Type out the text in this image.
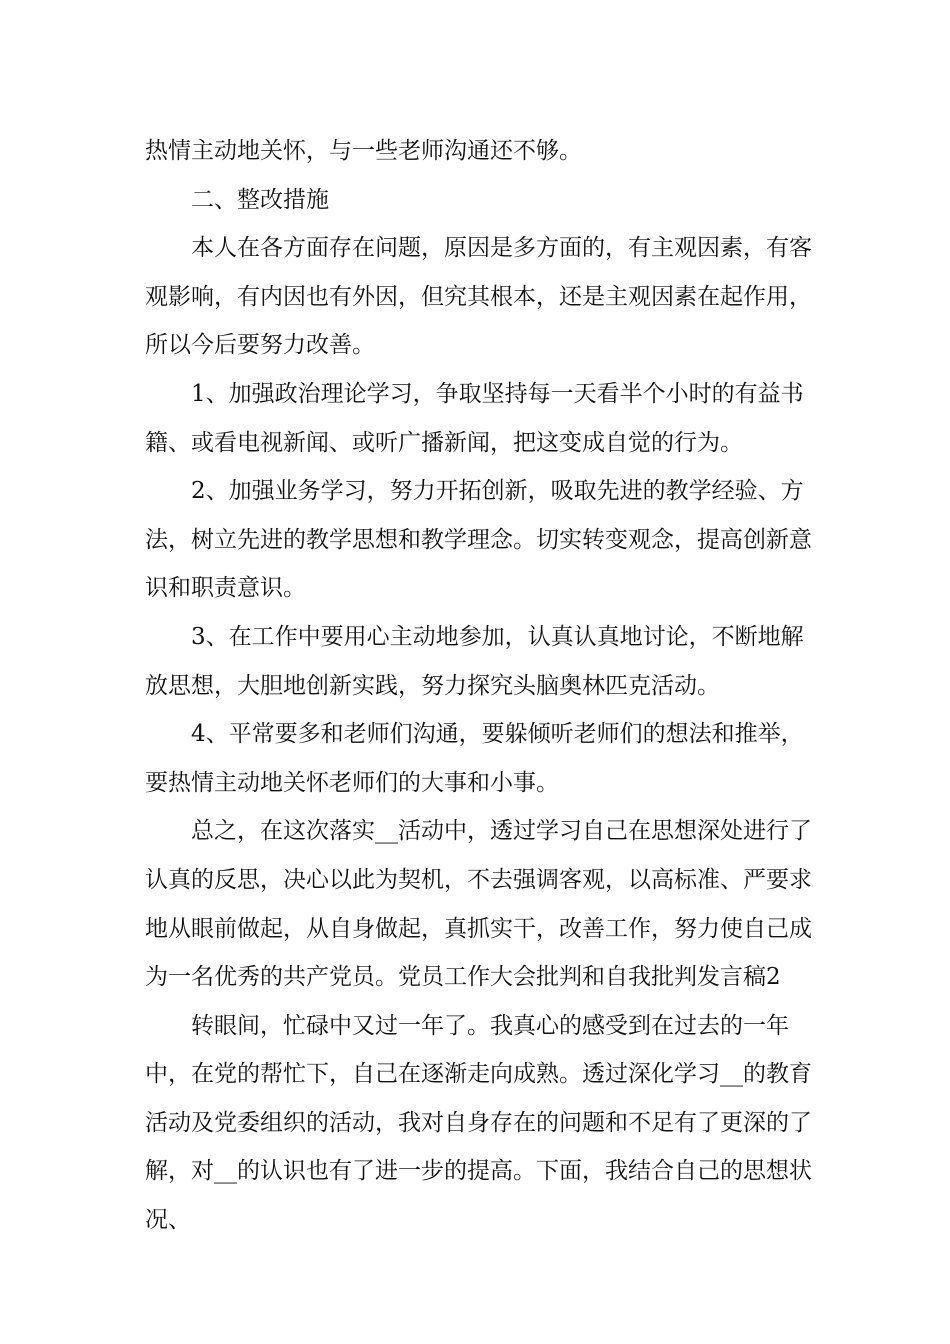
热情主动地关怀，与一些老师沟通还不够。

二、整改措施

本人在各方面存在问题，原因是多方面的，有主观因素，有客观影响，有内因也有外因，但究其根本，还是主观因素在起作用，所以今后要努力改善。

1、加强政治理论学习，争取坚持每一天看半个小时的有益书籍、或看电视新闻、或听广播新闻，把这变成自觉的行为。

2、加强业务学习，努力开拓创新，吸取先进的教学经验、方法，树立先进的教学思想和教学理念。切实转变观念，提高创新意识和职责意识。

3、在工作中要用心主动地参加，认真认真地讨论，不断地解放思想，大胆地创新实践，努力探究头脑奥林匹克活动。

4、平常要多和老师们沟通，要躲倾听老师们的想法和推举，要热情主动地关怀老师们的大事和小事。

总之，在这次落实__活动中，透过学习自己在思想深处进行了认真的反思，决心以此为契机，不去强调客观，以高标准、严要求地从眼前做起，从自身做起，真抓实干，改善工作，努力使自己成为一名优秀的共产党员。党员工作大会批判和自我批判发言稿2

转眼间，忙碌中又过一年了。我真心的感受到在过去的一年中，在党的帮忙下，自己在逐渐走向成熟。透过深化学习__的教育活动及党委组织的活动，我对自身存在的问题和不足有了更深的了解，对__的认识也有了进一步的提高。下面，我结合自己的思想状况、
